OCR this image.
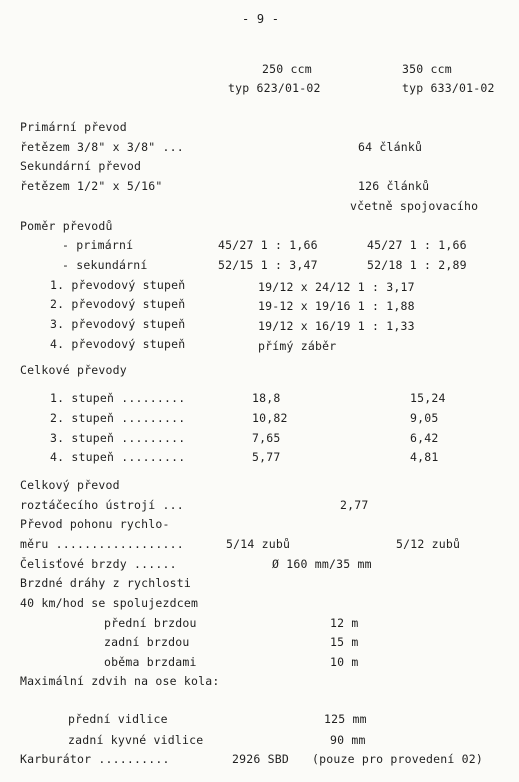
- 9 -
250 ccm	350 ccm
typ 623/01-02	typ 633/01-02
Primární převod
řetězem 3/8" x 3/8" ...	64 článků
Sekundární převod
řetězem 1/2" x 5/16"	126 článků
včetně spojovacího
Poměr převodů
- primární	45/27 1 : 1,66	45/27 1 : 1,66
- sekundární	52/15 1 : 3,47	52/18 1 : 2,89
1. převodový stupeň	19/12 x 24/12 1 : 3,17
2. převodový stupeň	19-12 x 19/16 1 : 1,88
3. převodový stupeň	19/12 x 16/19 1 : 1,33
4. převodový stupeň	přímý záběr
Celkové převody
1. stupeň .........	18,8	15,24
2. stupeň .........	10,82	9,05
3. stupeň .........	7,65	6,42
4. stupeň .........	5,77	4,81
Celkový převod
roztáčecího ústrojí ...	2,77
Převod pohonu rychlo-
měru ..................	5/14 zubů	5/12 zubů
Čelisťové brzdy ......	Ø 160 mm/35 mm
Brzdné dráhy z rychlosti
40 km/hod se spolujezdcem
přední brzdou	12 m
zadní brzdou	15 m
oběma brzdami	10 m
Maximální zdvih na ose kola:
přední vidlice	125 mm
zadní kyvné vidlice	90 mm
Karburátor ..........	2926 SBD (pouze pro provedení 02)
